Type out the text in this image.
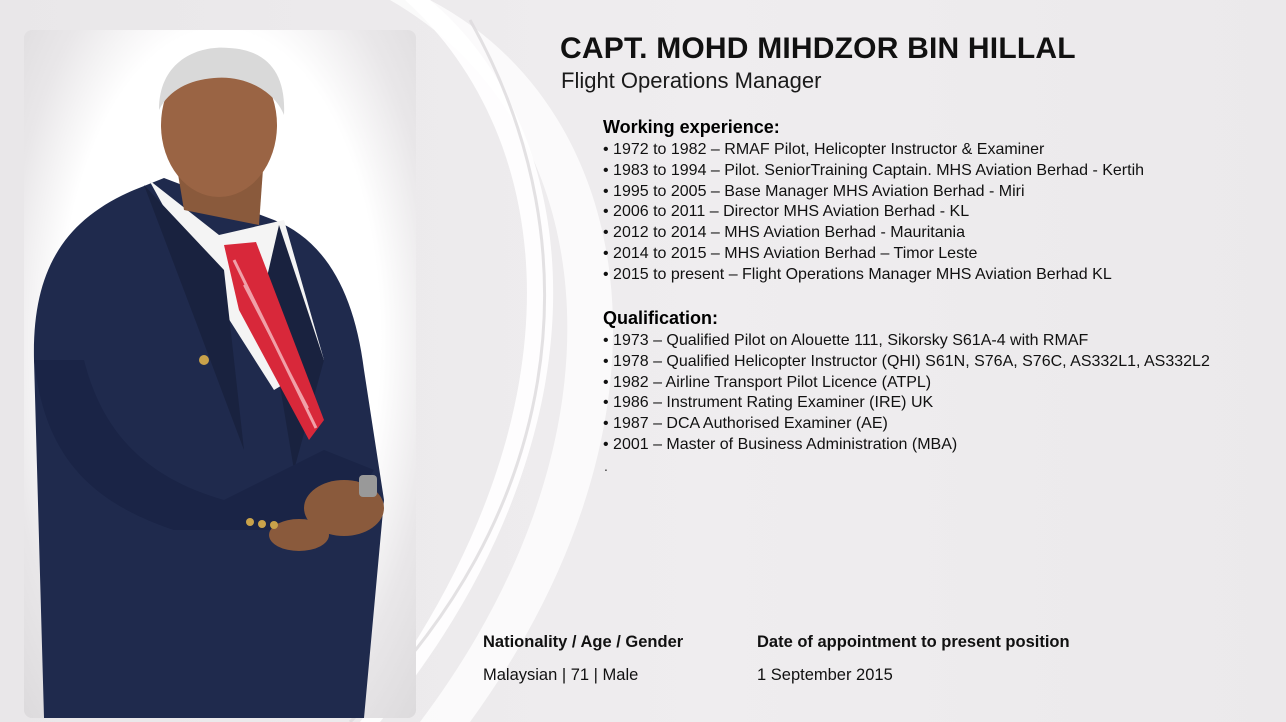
CAPT. MOHD MIHDZOR BIN HILLAL
Flight Operations Manager
Working experience:
• 1972 to 1982 – RMAF Pilot, Helicopter Instructor & Examiner
• 1983 to 1994 – Pilot. SeniorTraining Captain. MHS Aviation Berhad - Kertih
• 1995 to 2005 – Base Manager MHS Aviation Berhad - Miri
• 2006 to 2011 – Director MHS Aviation Berhad - KL
• 2012 to 2014 – MHS Aviation Berhad - Mauritania
• 2014 to 2015 – MHS Aviation Berhad – Timor Leste
• 2015 to present – Flight Operations Manager MHS Aviation Berhad KL
Qualification:
• 1973 – Qualified Pilot on Alouette 111, Sikorsky S61A-4 with RMAF
• 1978 – Qualified Helicopter Instructor (QHI) S61N, S76A, S76C, AS332L1, AS332L2
• 1982 – Airline Transport Pilot Licence (ATPL)
• 1986 – Instrument Rating Examiner (IRE) UK
• 1987 – DCA Authorised Examiner (AE)
• 2001 – Master of Business Administration (MBA)
.
Nationality / Age / Gender
Malaysian | 71 | Male
Date of appointment to present position
1 September 2015
